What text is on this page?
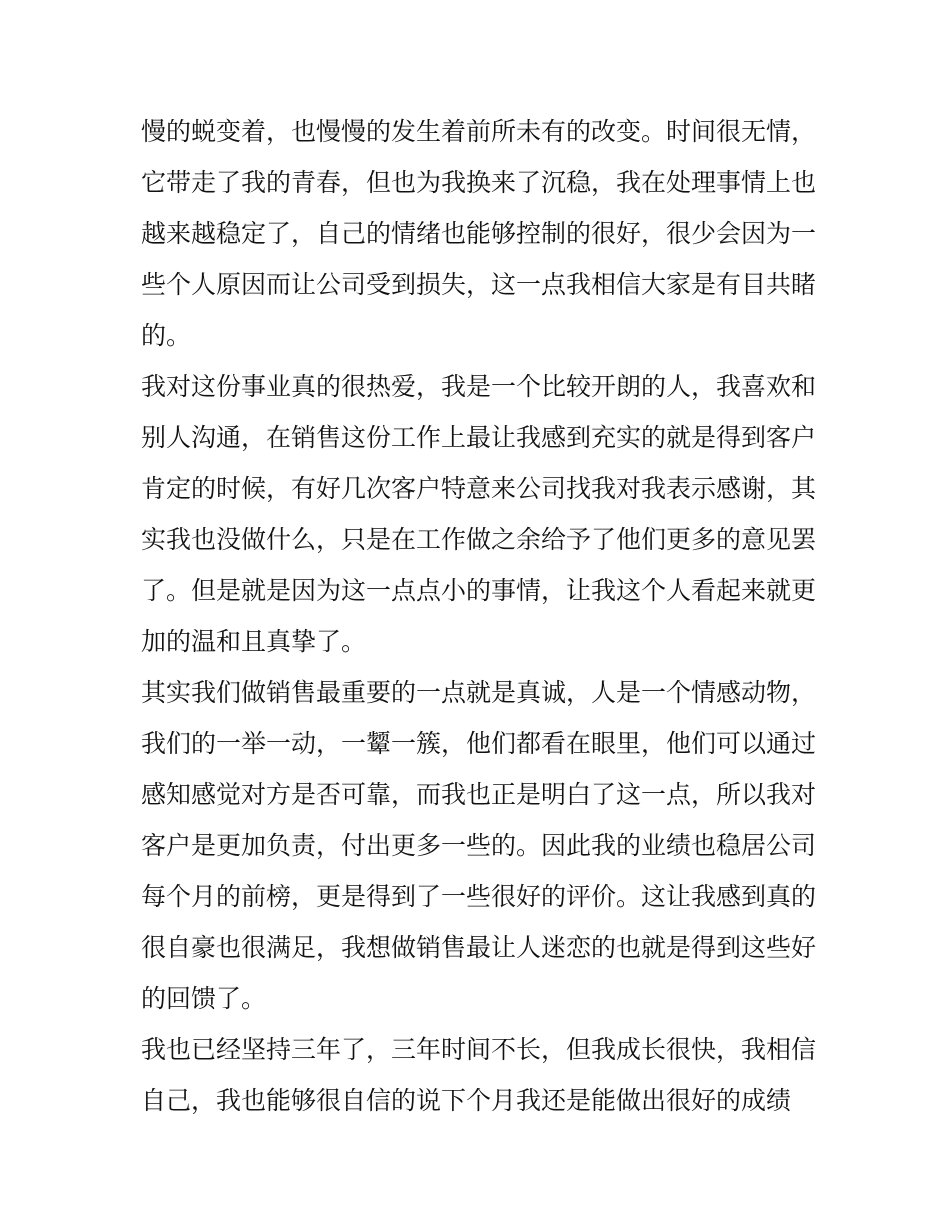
慢的蜕变着，也慢慢的发生着前所未有的改变。时间很无情，
它带走了我的青春，但也为我换来了沉稳，我在处理事情上也
越来越稳定了，自己的情绪也能够控制的很好，很少会因为一
些个人原因而让公司受到损失，这一点我相信大家是有目共睹
的。
我对这份事业真的很热爱，我是一个比较开朗的人，我喜欢和
别人沟通，在销售这份工作上最让我感到充实的就是得到客户
肯定的时候，有好几次客户特意来公司找我对我表示感谢，其
实我也没做什么，只是在工作做之余给予了他们更多的意见罢
了。但是就是因为这一点点小的事情，让我这个人看起来就更
加的温和且真挚了。
其实我们做销售最重要的一点就是真诚，人是一个情感动物，
我们的一举一动，一颦一簇，他们都看在眼里，他们可以通过
感知感觉对方是否可靠，而我也正是明白了这一点，所以我对
客户是更加负责，付出更多一些的。因此我的业绩也稳居公司
每个月的前榜，更是得到了一些很好的评价。这让我感到真的
很自豪也很满足，我想做销售最让人迷恋的也就是得到这些好
的回馈了。
我也已经坚持三年了，三年时间不长，但我成长很快，我相信
自己，我也能够很自信的说下个月我还是能做出很好的成绩
